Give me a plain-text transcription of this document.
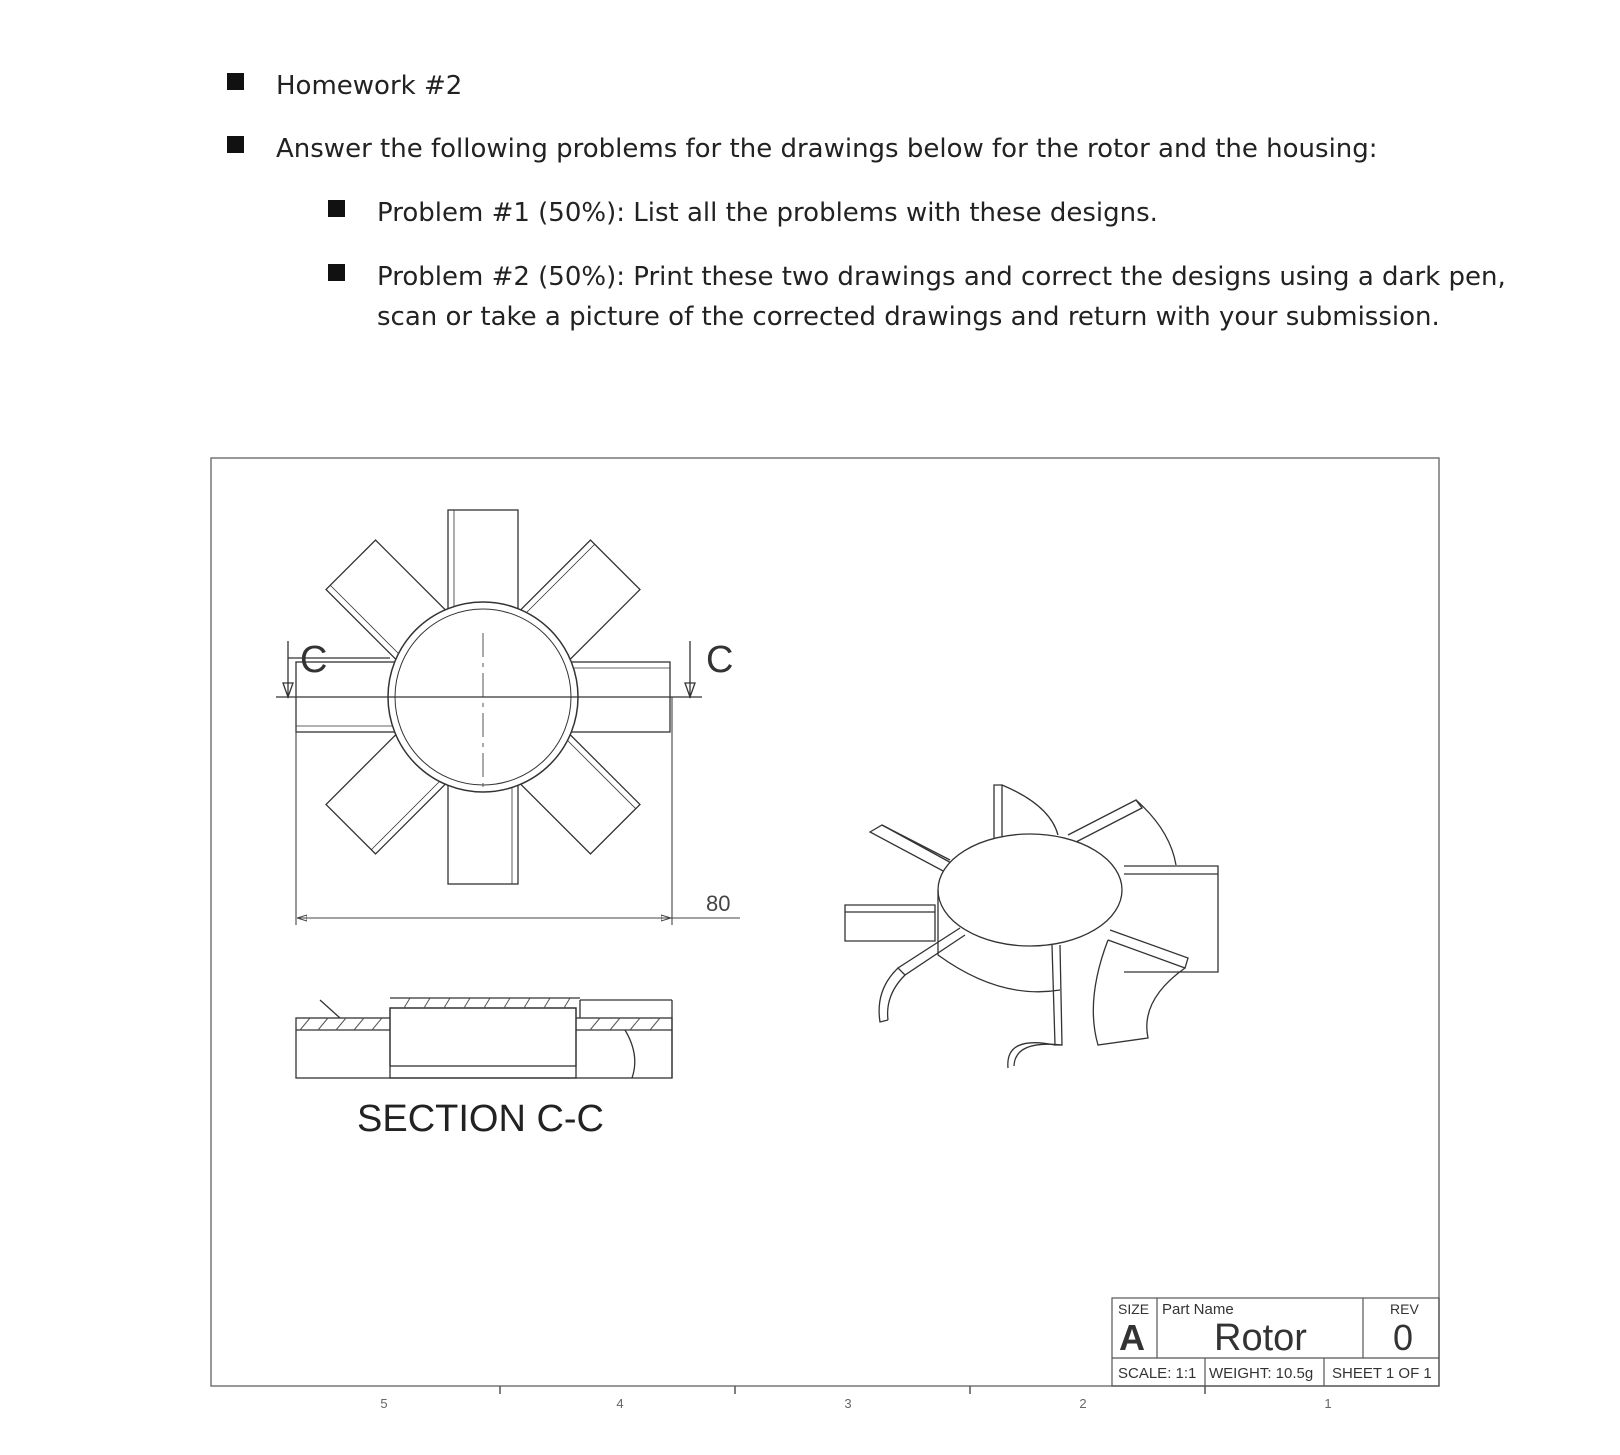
Homework #2
Answer the following problems for the drawings below for the rotor and the housing:
Problem #1 (50%): List all the problems with these designs.
Problem #2 (50%): Print these two drawings and correct the designs using a dark pen,
scan or take a picture of the corrected drawings and return with your submission.
5	4	3	2	1
C	C
80
SECTION C-C
SIZE
A
Part Name
Rotor
REV
0
SCALE: 1:1 WEIGHT: 10.5g SHEET 1 OF 1
